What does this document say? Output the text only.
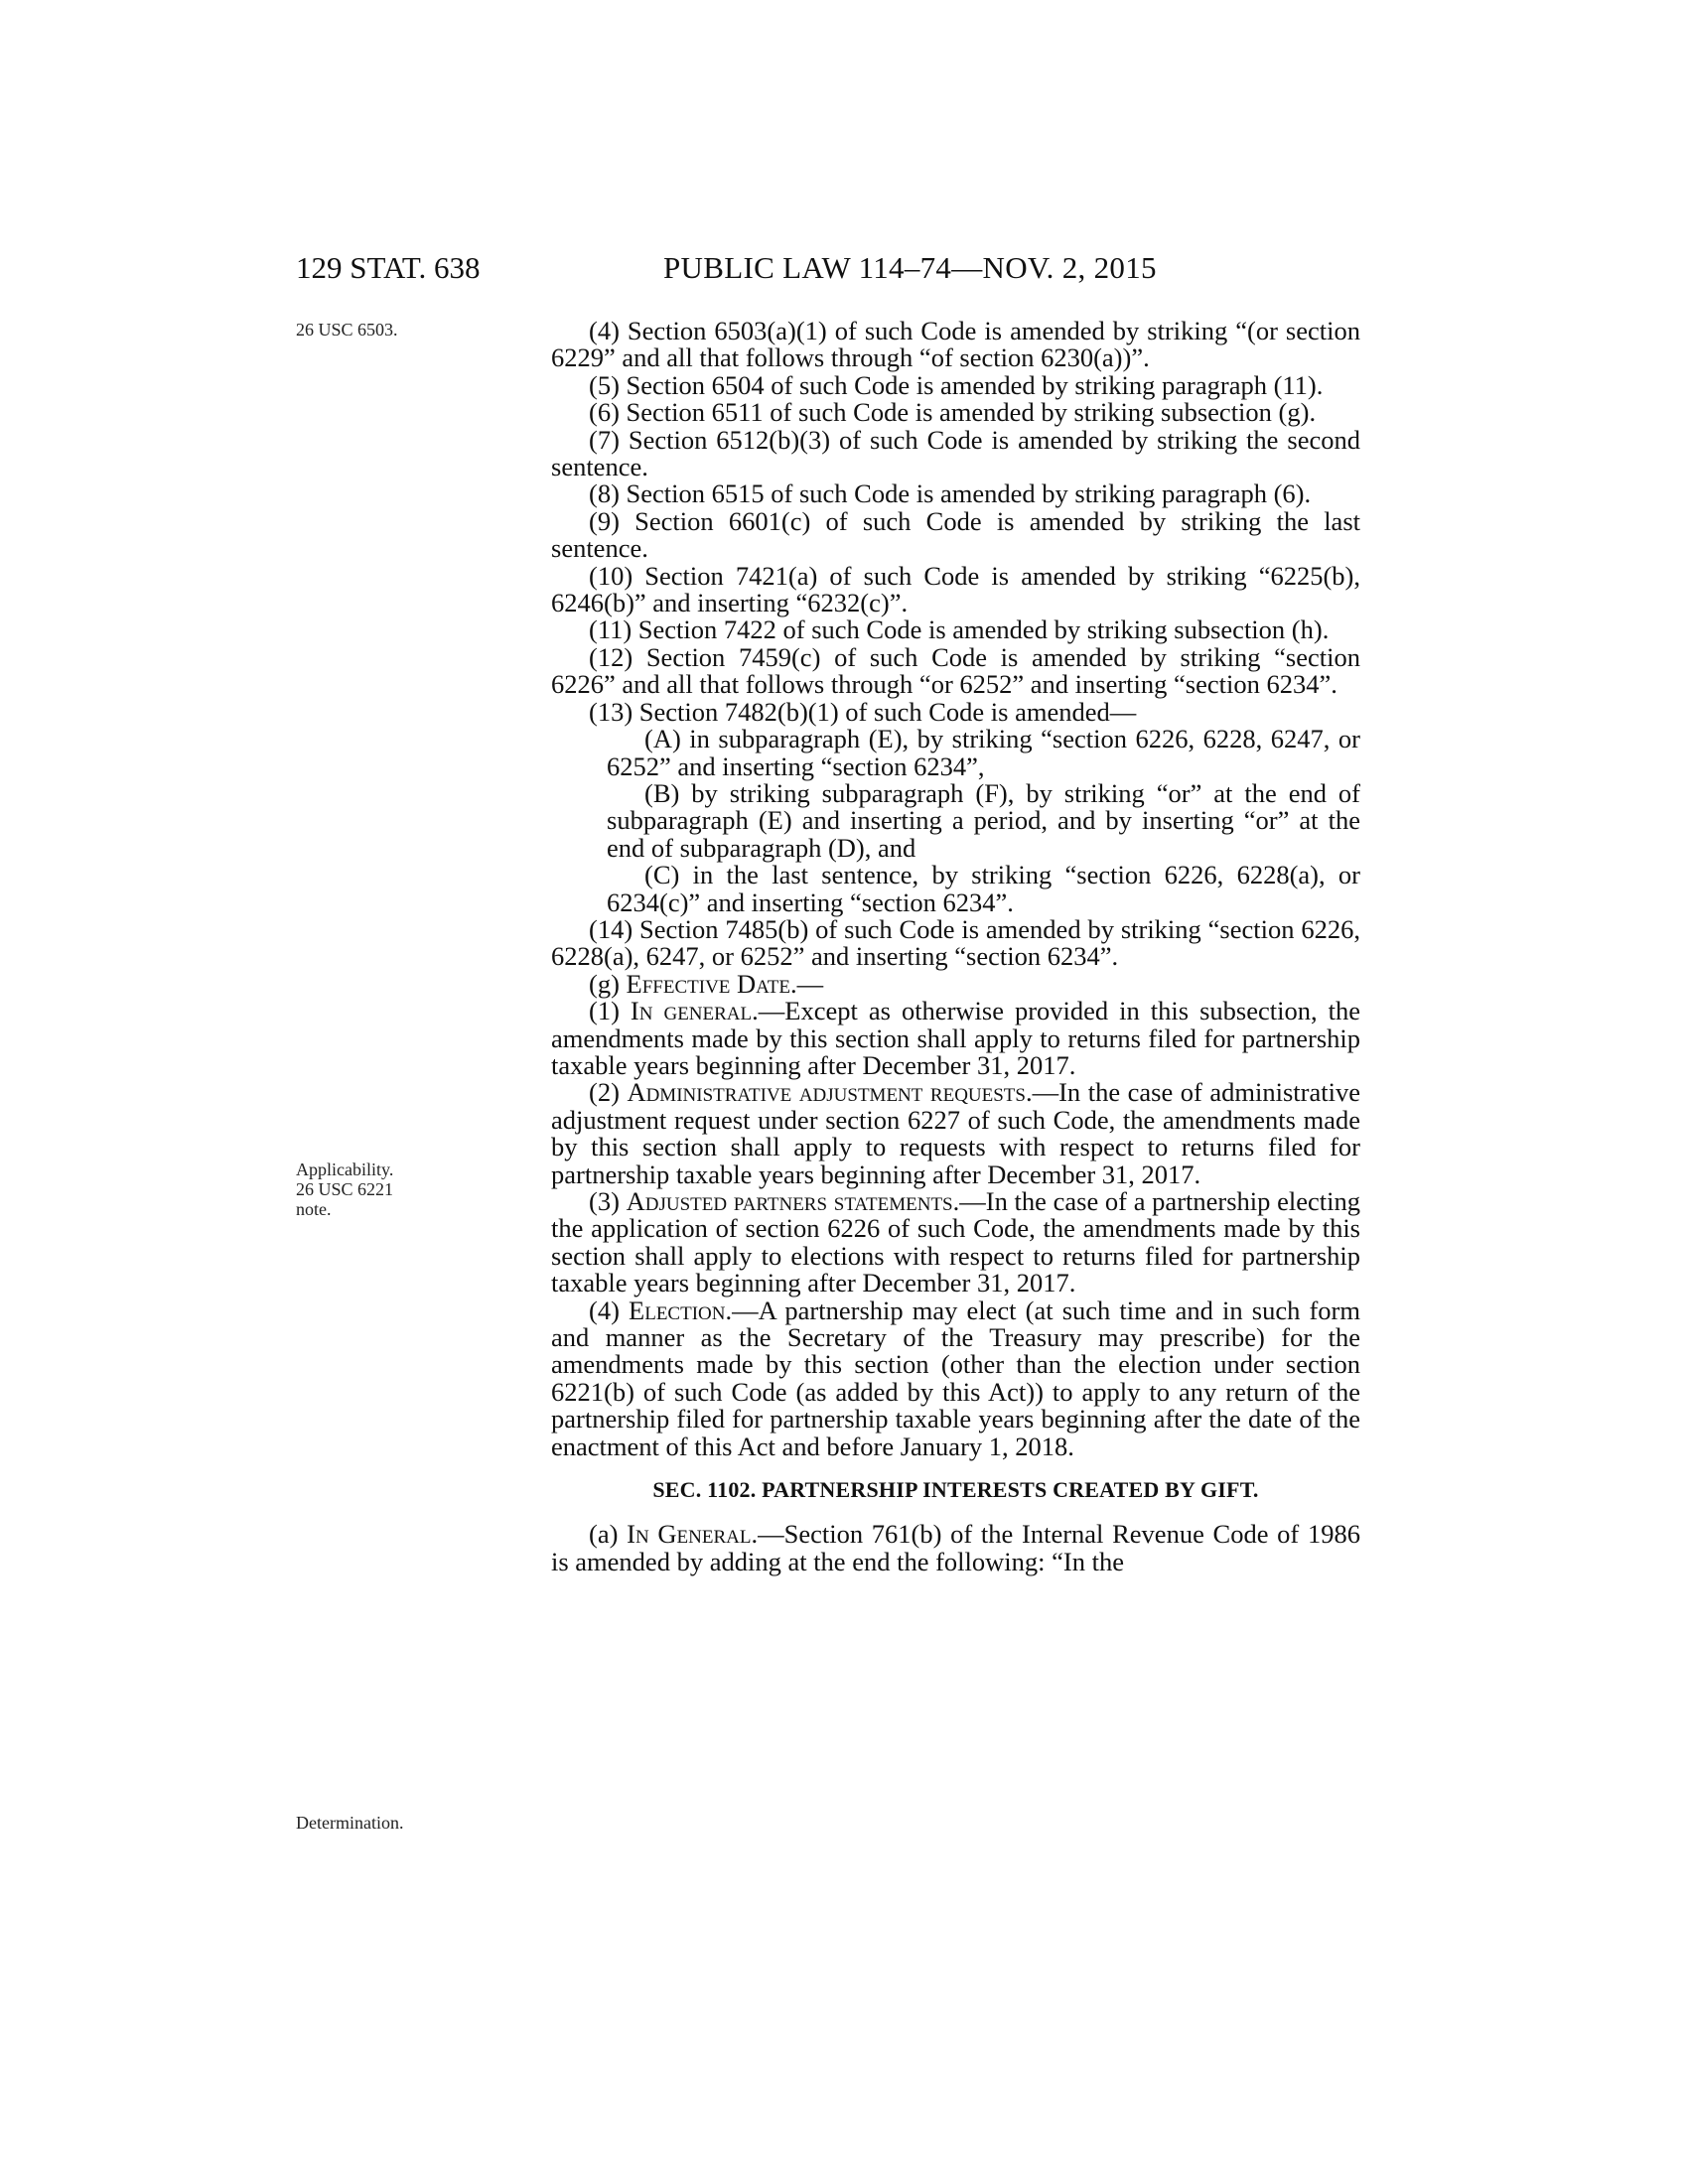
129 STAT. 638	PUBLIC LAW 114–74—NOV. 2, 2015
26 USC 6503.
Applicability.
26 USC 6221
note.
Determination.

(4) Section 6503(a)(1) of such Code is amended by striking “(or section 6229” and all that follows through “of section 6230(a))”.

(5) Section 6504 of such Code is amended by striking paragraph (11).

(6) Section 6511 of such Code is amended by striking subsection (g).

(7) Section 6512(b)(3) of such Code is amended by striking the second sentence.

(8) Section 6515 of such Code is amended by striking paragraph (6).

(9) Section 6601(c) of such Code is amended by striking the last sentence.

(10) Section 7421(a) of such Code is amended by striking “6225(b), 6246(b)” and inserting “6232(c)”.

(11) Section 7422 of such Code is amended by striking subsection (h).

(12) Section 7459(c) of such Code is amended by striking “section 6226” and all that follows through “or 6252” and inserting “section 6234”.

(13) Section 7482(b)(1) of such Code is amended—

(A) in subparagraph (E), by striking “section 6226, 6228, 6247, or 6252” and inserting “section 6234”,

(B) by striking subparagraph (F), by striking “or” at the end of subparagraph (E) and inserting a period, and by inserting “or” at the end of subparagraph (D), and

(C) in the last sentence, by striking “section 6226, 6228(a), or 6234(c)” and inserting “section 6234”.

(14) Section 7485(b) of such Code is amended by striking “section 6226, 6228(a), 6247, or 6252” and inserting “section 6234”.

(g) Effective Date.—

(1) In general.—Except as otherwise provided in this subsection, the amendments made by this section shall apply to returns filed for partnership taxable years beginning after December 31, 2017.

(2) Administrative adjustment requests.—In the case of administrative adjustment request under section 6227 of such Code, the amendments made by this section shall apply to requests with respect to returns filed for partnership taxable years beginning after December 31, 2017.

(3) Adjusted partners statements.—In the case of a partnership electing the application of section 6226 of such Code, the amendments made by this section shall apply to elections with respect to returns filed for partnership taxable years beginning after December 31, 2017.

(4) Election.—A partnership may elect (at such time and in such form and manner as the Secretary of the Treasury may prescribe) for the amendments made by this section (other than the election under section 6221(b) of such Code (as added by this Act)) to apply to any return of the partnership filed for partnership taxable years beginning after the date of the enactment of this Act and before January 1, 2018.

SEC. 1102. PARTNERSHIP INTERESTS CREATED BY GIFT.

(a) In General.—Section 761(b) of the Internal Revenue Code of 1986 is amended by adding at the end the following: “In the
